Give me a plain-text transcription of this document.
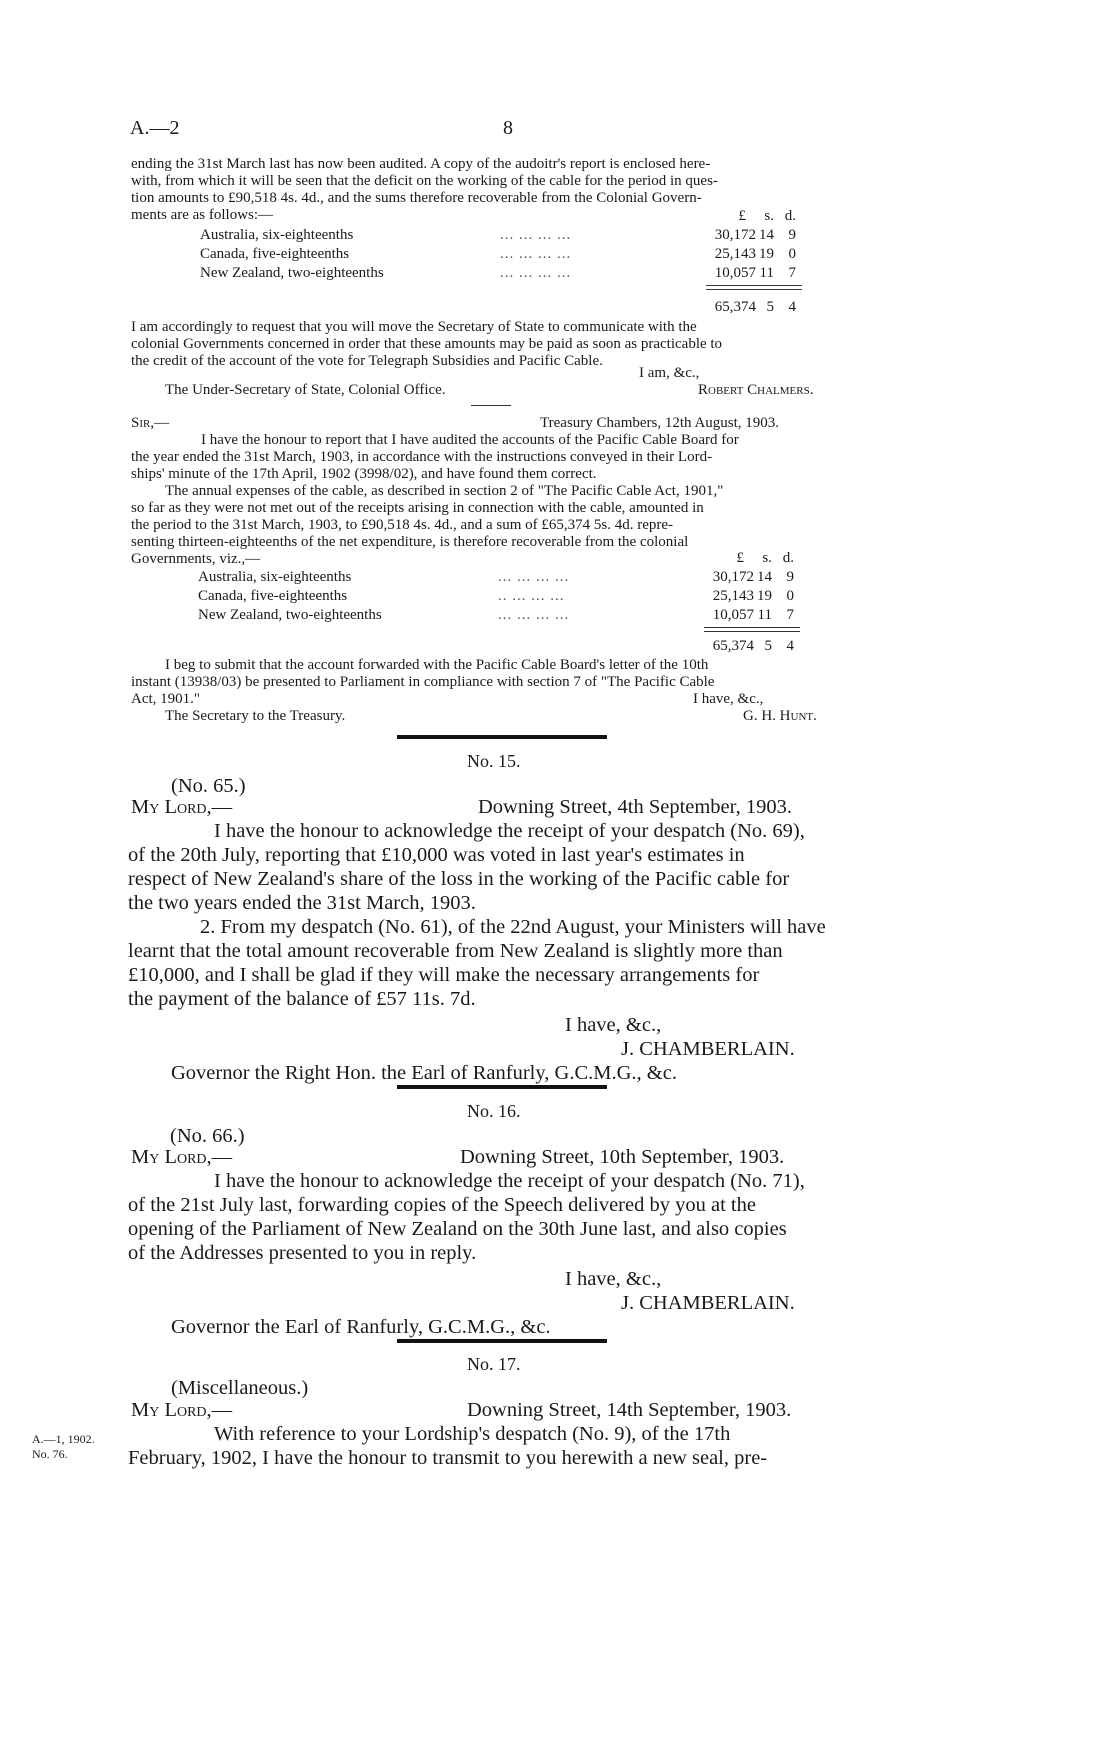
A.—2	8
ending the 31st March last has now been audited. A copy of the audoitr's report is enclosed here-
with, from which it will be seen that the deficit on the working of the cable for the period in ques-
tion amounts to £90,518 4s. 4d., and the sums therefore recoverable from the Colonial Govern-
ments are as follows:—	£	s. d.
Australia, six-eighteenths	... ... ... ...	30,172 14 9
Canada, five-eighteenths	... ... ... ...	25,143 19 0
New Zealand, two-eighteenths	... ... ... ...	10,057 11 7
65,374 5 4
I am accordingly to request that you will move the Secretary of State to communicate with the
colonial Governments concerned in order that these amounts may be paid as soon as practicable to
the credit of the account of the vote for Telegraph Subsidies and Pacific Cable.
I am, &c.,
The Under-Secretary of State, Colonial Office.	Robert Chalmers.
Sir,—	Treasury Chambers, 12th August, 1903.
I have the honour to report that I have audited the accounts of the Pacific Cable Board for
the year ended the 31st March, 1903, in accordance with the instructions conveyed in their Lord-
ships' minute of the 17th April, 1902 (3998/02), and have found them correct.
The annual expenses of the cable, as described in section 2 of "The Pacific Cable Act, 1901,"
so far as they were not met out of the receipts arising in connection with the cable, amounted in
the period to the 31st March, 1903, to £90,518 4s. 4d., and a sum of £65,374 5s. 4d. repre-
senting thirteen-eighteenths of the net expenditure, is therefore recoverable from the colonial
Governments, viz.,—	£	s. d.
Australia, six-eighteenths	... ... ... ...	30,172 14 9
Canada, five-eighteenths	.. ... ... ...	25,143 19 0
New Zealand, two-eighteenths	... ... ... ...	10,057 11 7
65,374 5 4
I beg to submit that the account forwarded with the Pacific Cable Board's letter of the 10th
instant (13938/03) be presented to Parliament in compliance with section 7 of "The Pacific Cable
Act, 1901."	I have, &c.,
The Secretary to the Treasury.	G. H. Hunt.
No. 15.
(No. 65.)
My Lord,—	Downing Street, 4th September, 1903.
I have the honour to acknowledge the receipt of your despatch (No. 69),
of the 20th July, reporting that £10,000 was voted in last year's estimates in
respect of New Zealand's share of the loss in the working of the Pacific cable for
the two years ended the 31st March, 1903.
2. From my despatch (No. 61), of the 22nd August, your Ministers will have
learnt that the total amount recoverable from New Zealand is slightly more than
£10,000, and I shall be glad if they will make the necessary arrangements for
the payment of the balance of £57 11s. 7d.
I have, &c.,
J. CHAMBERLAIN.
Governor the Right Hon. the Earl of Ranfurly, G.C.M.G., &c.
No. 16.
(No. 66.)
My Lord,—	Downing Street, 10th September, 1903.
I have the honour to acknowledge the receipt of your despatch (No. 71),
of the 21st July last, forwarding copies of the Speech delivered by you at the
opening of the Parliament of New Zealand on the 30th June last, and also copies
of the Addresses presented to you in reply.
I have, &c.,
J. CHAMBERLAIN.
Governor the Earl of Ranfurly, G.C.M.G., &c.
No. 17.
(Miscellaneous.)
My Lord,—	Downing Street, 14th September, 1903.
With reference to your Lordship's despatch (No. 9), of the 17th
February, 1902, I have the honour to transmit to you herewith a new seal, pre-
A.—1, 1902.
No. 76.
